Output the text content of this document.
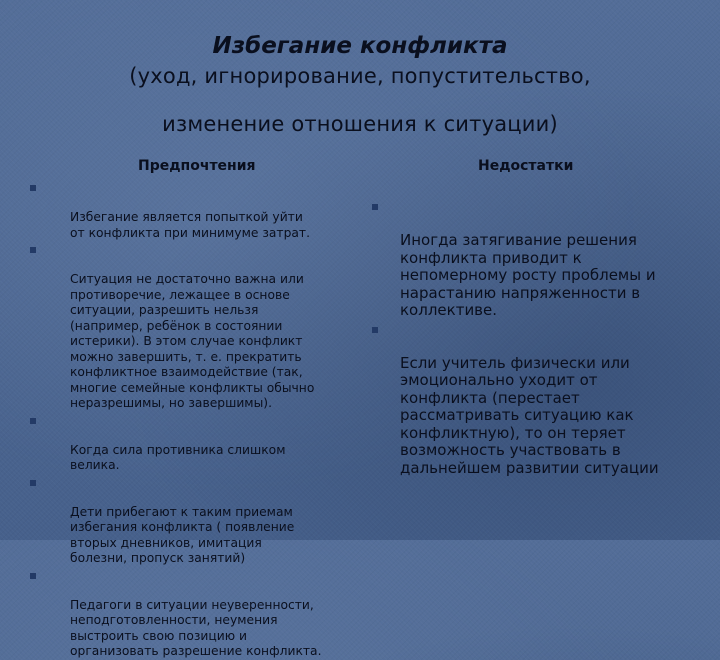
Избегание конфликта
(уход, игнорирование, попустительство,
изменение отношения к ситуации)
Предпочтения	Недостатки

Избегание является попыткой уйти
от конфликта при минимуме затрат.

Ситуация не достаточно важна или
противоречие, лежащее в основе
ситуации, разрешить нельзя
(например, ребёнок в состоянии
истерики). В этом случае конфликт
можно завершить, т. е. прекратить
конфликтное взаимодействие (так,
многие семейные конфликты обычно
неразрешимы, но завершимы).

Когда сила противника слишком
велика.

Дети прибегают к таким приемам
избегания конфликта ( появление
вторых дневников, имитация
болезни, пропуск занятий)

Педагоги в ситуации неуверенности,
неподготовленности, неумения
выстроить свою позицию и
организовать разрешение конфликта.

Иногда затягивание решения
конфликта приводит к
непомерному росту проблемы и
нарастанию напряженности в
коллективе.

Если учитель физически или
эмоционально уходит от
конфликта (перестает
рассматривать ситуацию как
конфликтную), то он теряет
возможность участвовать в
дальнейшем развитии ситуации
